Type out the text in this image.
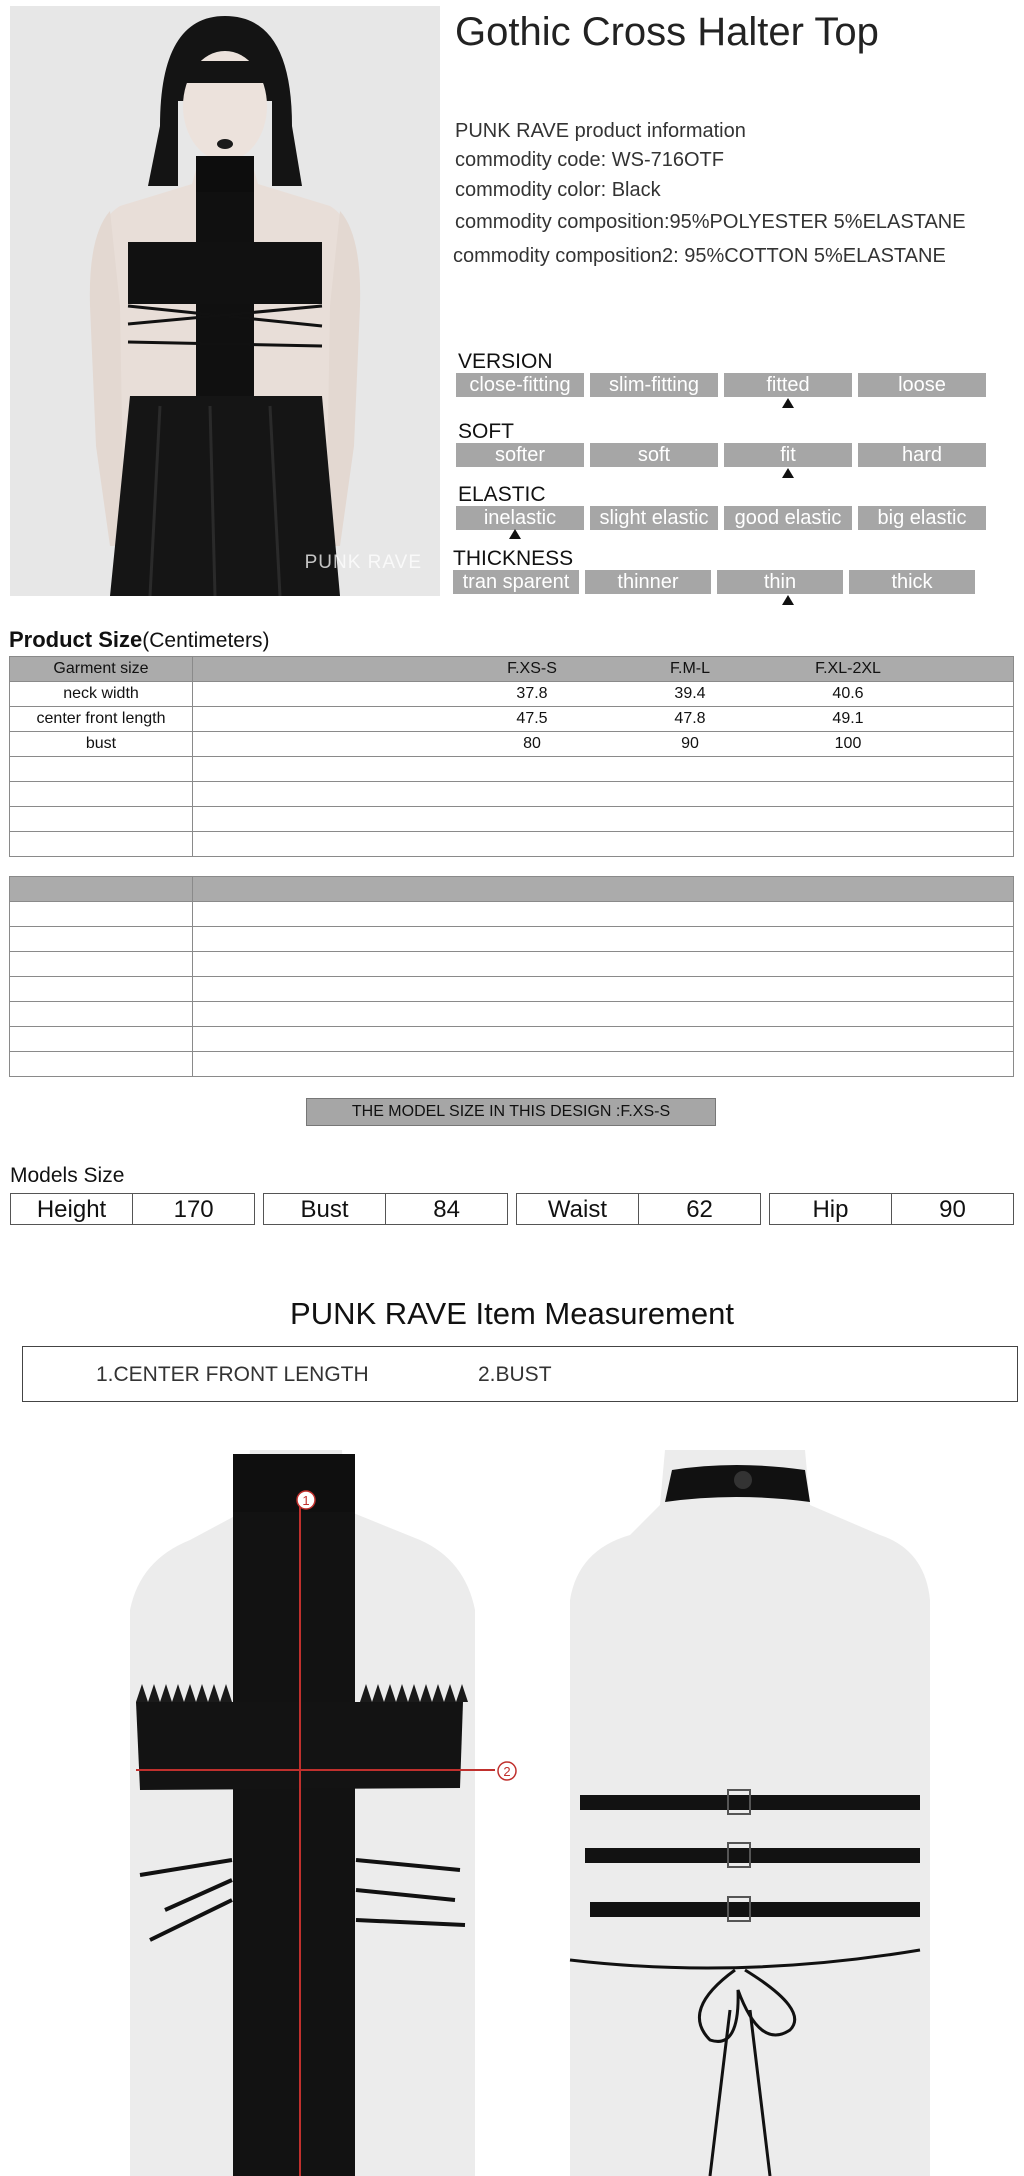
PUNK RAVE
Gothic Cross Halter Top
PUNK RAVE product information
commodity code: WS-716OTF
commodity color: Black
commodity composition:95%POLYESTER 5%ELASTANE
commodity composition2: 95%COTTON 5%ELASTANE
VERSION
close-fitting	slim-fitting	fitted	loose
SOFT
softer	soft	fit	hard
ELASTIC
inelastic	slight elastic	good elastic	big elastic
THICKNESS
tran sparent	thinner	thin	thick
Product Size(Centimeters)
Garment size	F.XS-S F.M-L F.XL-2XL

neck width	37.8 39.4 40.6

center front length	47.5 47.8 49.1

bust	80 90 100

THE MODEL SIZE IN THIS DESIGN :F.XS-S
Models Size
Height	170	Bust	84	Waist	62	Hip	90
PUNK RAVE Item Measurement
1.CENTER FRONT LENGTH	2.BUST
1
2
